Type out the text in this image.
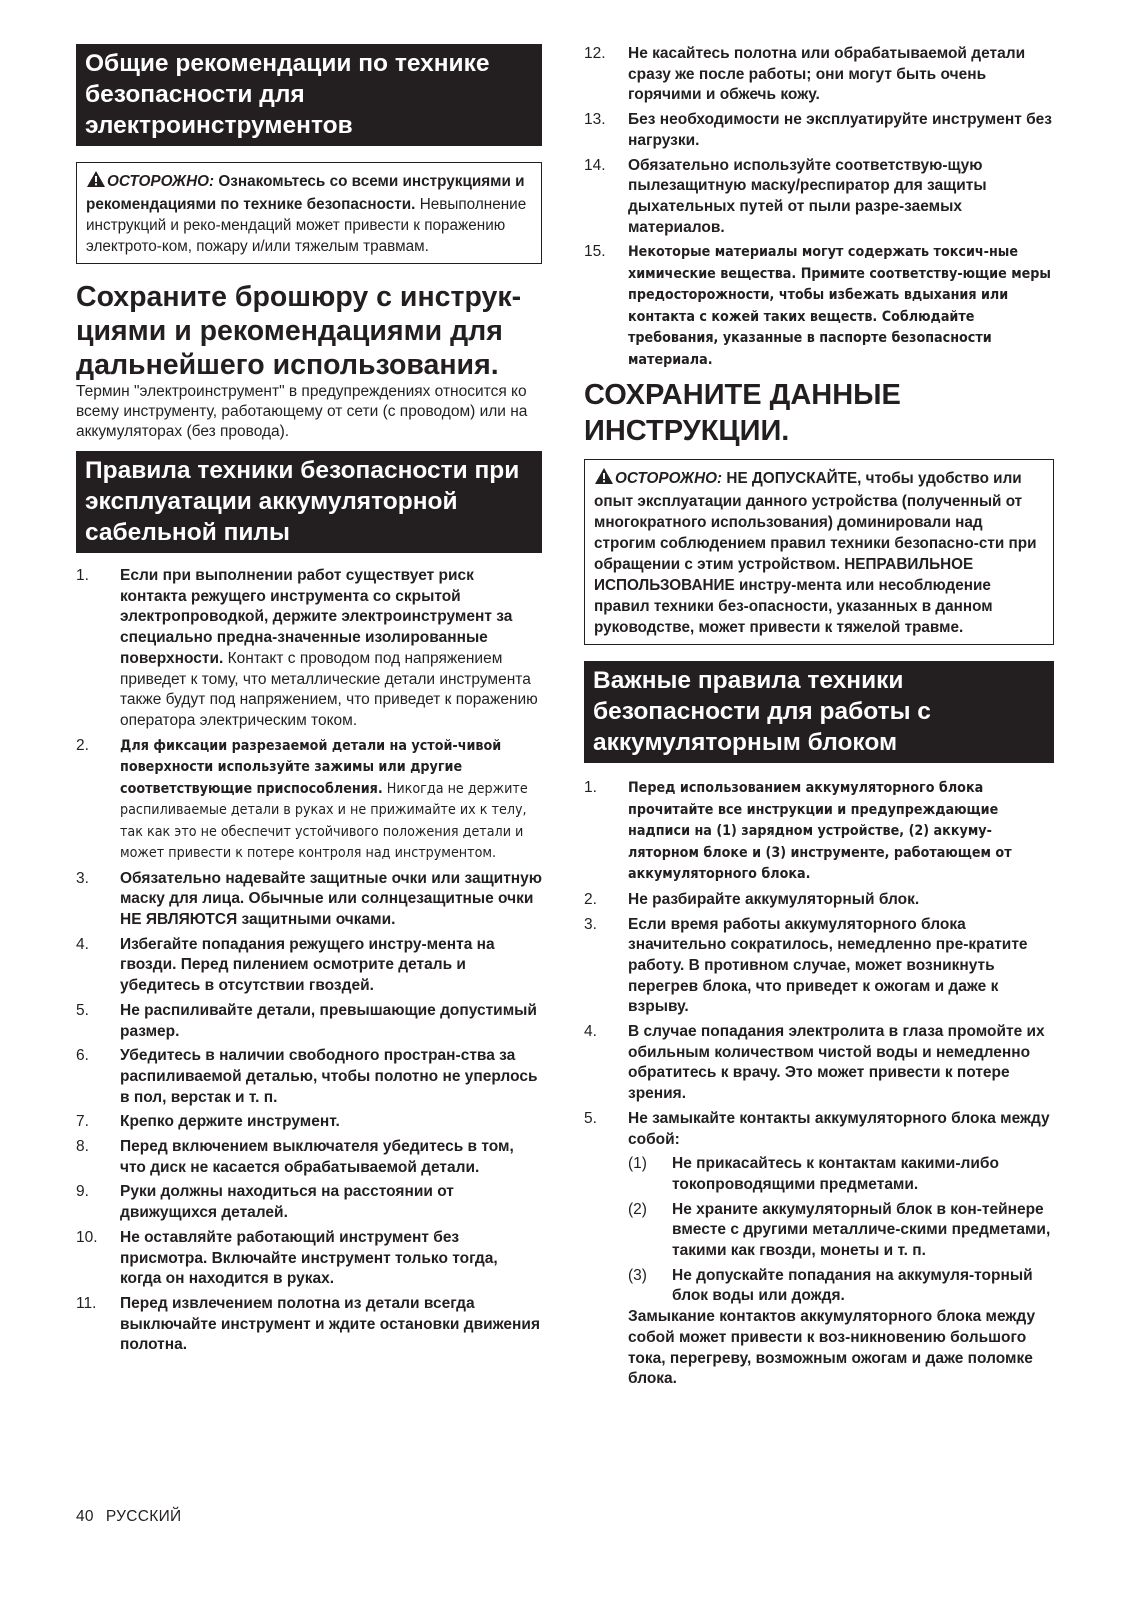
Общие рекомендации по технике безопасности для электроинструментов
ОСТОРОЖНО: Ознакомьтесь со всеми инструкциями и рекомендациями по технике безопасности. Невыполнение инструкций и реко-мендаций может привести к поражению электрото-ком, пожару и/или тяжелым травмам.
Сохраните брошюру с инструк-циями и рекомендациями для дальнейшего использования.
Термин "электроинструмент" в предупреждениях относится ко всему инструменту, работающему от сети (с проводом) или на аккумуляторах (без провода).
Правила техники безопасности при эксплуатации аккумуляторной сабельной пилы
1.	Если при выполнении работ существует риск контакта режущего инструмента со скрытой электропроводкой, держите электроинструмент за специально предна-значенные изолированные поверхности. Контакт с проводом под напряжением приведет к тому, что металлические детали инструмента также будут под напряжением, что приведет к поражению оператора электрическим током.
2.	Для фиксации разрезаемой детали на устой-чивой поверхности используйте зажимы или другие соответствующие приспособления. Никогда не держите распиливаемые детали в руках и не прижимайте их к телу, так как это не обеспечит устойчивого положения детали и может привести к потере контроля над инструментом.
3.	Обязательно надевайте защитные очки или защитную маску для лица. Обычные или солнцезащитные очки НЕ ЯВЛЯЮТСЯ защитными очками.
4.	Избегайте попадания режущего инстру-мента на гвозди. Перед пилением осмотрите деталь и убедитесь в отсутствии гвоздей.
5.	Не распиливайте детали, превышающие допустимый размер.
6.	Убедитесь в наличии свободного простран-ства за распиливаемой деталью, чтобы полотно не уперлось в пол, верстак и т. п.
7.	Крепко держите инструмент.
8.	Перед включением выключателя убедитесь в том, что диск не касается обрабатываемой детали.
9.	Руки должны находиться на расстоянии от движущихся деталей.
10.	Не оставляйте работающий инструмент без присмотра. Включайте инструмент только тогда, когда он находится в руках.
11.	Перед извлечением полотна из детали всегда выключайте инструмент и ждите остановки движения полотна.
12.	Не касайтесь полотна или обрабатываемой детали сразу же после работы; они могут быть очень горячими и обжечь кожу.
13.	Без необходимости не эксплуатируйте инструмент без нагрузки.
14.	Обязательно используйте соответствую-щую пылезащитную маску/респиратор для защиты дыхательных путей от пыли разре-заемых материалов.
15.	Некоторые материалы могут содержать токсич-ные химические вещества. Примите соответству-ющие меры предосторожности, чтобы избежать вдыхания или контакта с кожей таких веществ. Соблюдайте требования, указанные в паспорте безопасности материала.
СОХРАНИТЕ ДАННЫЕ ИНСТРУКЦИИ.
ОСТОРОЖНО: НЕ ДОПУСКАЙТЕ, чтобы удобство или опыт эксплуатации данного устройства (полученный от многократного использования) доминировали над строгим соблюдением правил техники безопасно-сти при обращении с этим устройством. НЕПРАВИЛЬНОЕ ИСПОЛЬЗОВАНИЕ инстру-мента или несоблюдение правил техники без-опасности, указанных в данном руководстве, может привести к тяжелой травме.
Важные правила техники безопасности для работы с аккумуляторным блоком
1.	Перед использованием аккумуляторного блока прочитайте все инструкции и предупреждающие надписи на (1) зарядном устройстве, (2) аккуму-ляторном блоке и (3) инструменте, работающем от аккумуляторного блока.
2.	Не разбирайте аккумуляторный блок.
3.	Если время работы аккумуляторного блока значительно сократилось, немедленно пре-кратите работу. В противном случае, может возникнуть перегрев блока, что приведет к ожогам и даже к взрыву.
4.	В случае попадания электролита в глаза промойте их обильным количеством чистой воды и немедленно обратитесь к врачу. Это может привести к потере зрения.
5.	Не замыкайте контакты аккумуляторного блока между собой:
(1)	Не прикасайтесь к контактам какими-либо токопроводящими предметами.
(2)	Не храните аккумуляторный блок в кон-тейнере вместе с другими металличе-скими предметами, такими как гвозди, монеты и т. п.
(3)	Не допускайте попадания на аккумуля-торный блок воды или дождя.
Замыкание контактов аккумуляторного блока между собой может привести к воз-никновению большого тока, перегреву, возможным ожогам и даже поломке блока.
40 РУССКИЙ
